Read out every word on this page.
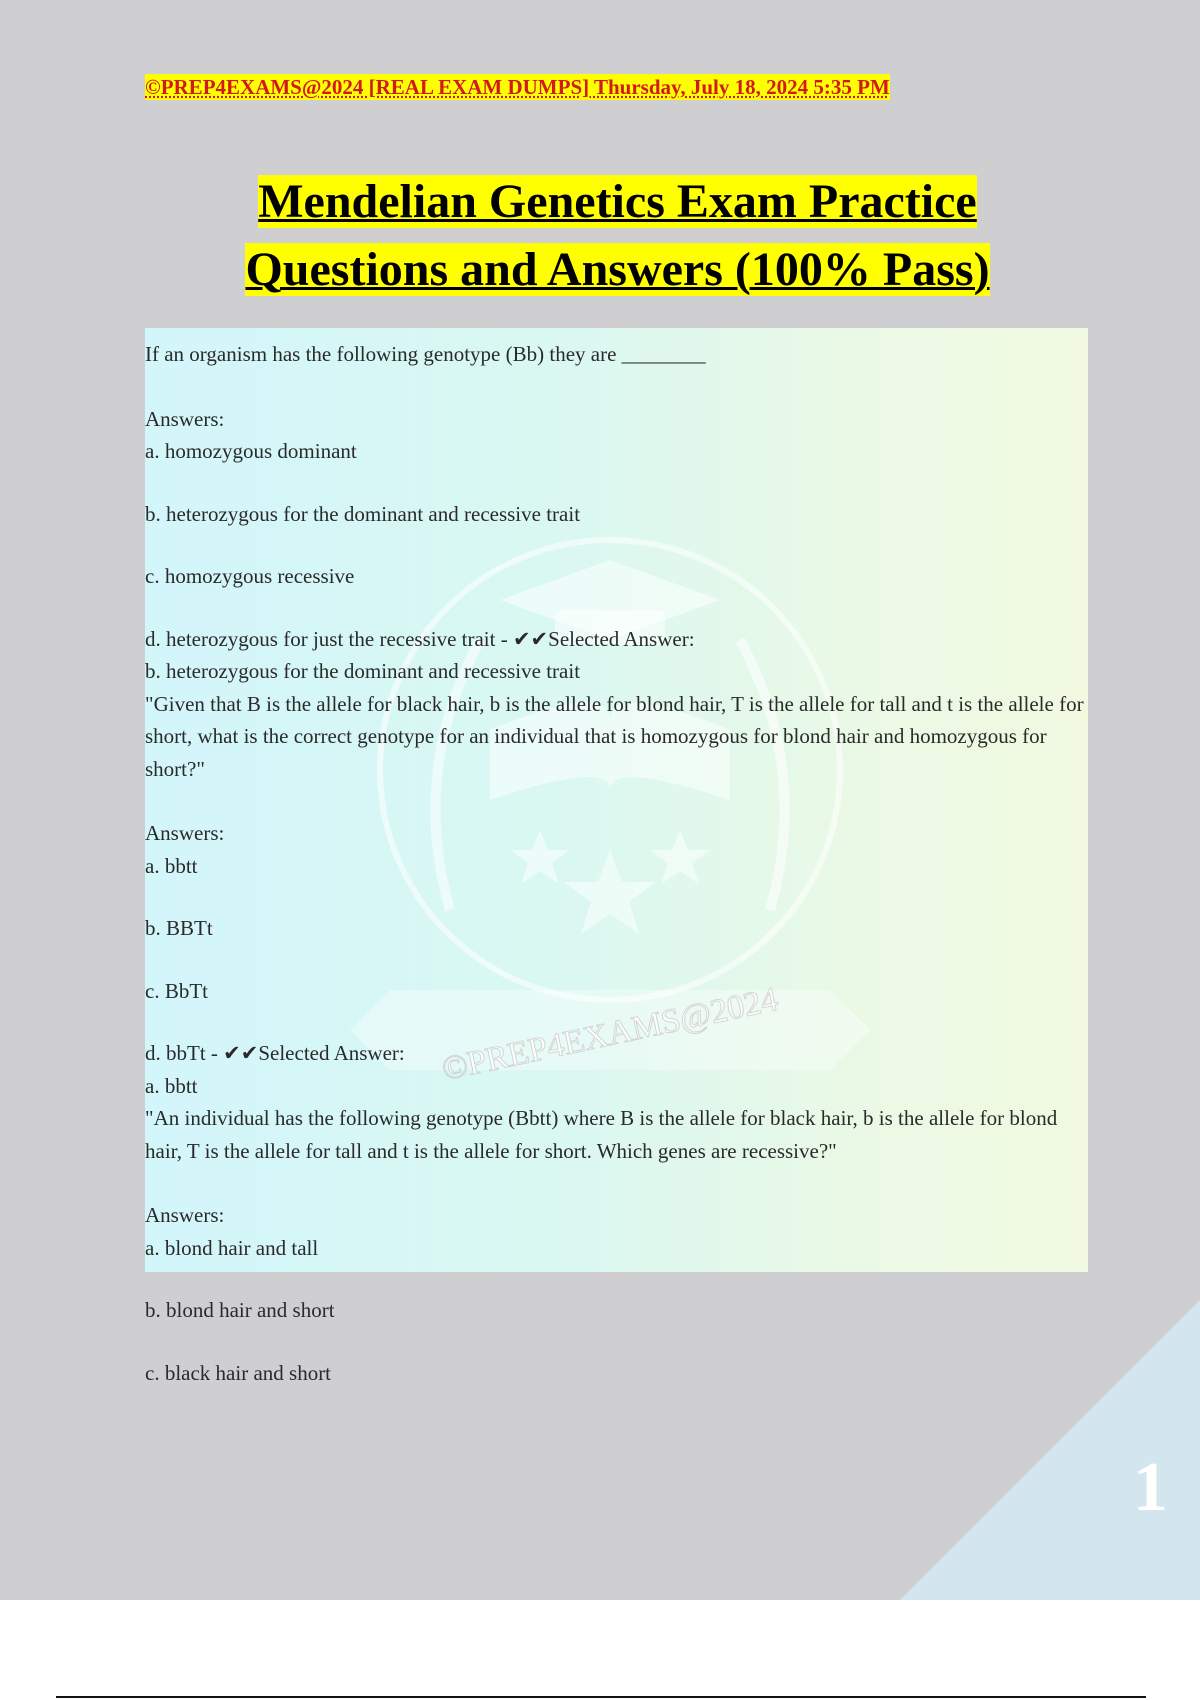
1
©PREP4EXAMS@2024 [REAL EXAM DUMPS] Thursday, July 18, 2024 5:35 PM
Mendelian Genetics Exam Practice
Questions and Answers (100% Pass)
©PREP4EXAMS@2024

If an organism has the following genotype (Bb) they are ________

Answers:

a. homozygous dominant

b. heterozygous for the dominant and recessive trait

c. homozygous recessive

d. heterozygous for just the recessive trait - ✔✔Selected Answer:

b. heterozygous for the dominant and recessive trait

"Given that B is the allele for black hair, b is the allele for blond hair, T is the allele for tall and t is the allele for short, what is the correct genotype for an individual that is homozygous for blond hair and homozygous for short?"

Answers:

a. bbtt

b. BBTt

c. BbTt

d. bbTt - ✔✔Selected Answer:

a. bbtt

"An individual has the following genotype (Bbtt) where B is the allele for black hair, b is the allele for blond hair, T is the allele for tall and t is the allele for short. Which genes are recessive?"

Answers:

a. blond hair and tall

b. blond hair and short

c. black hair and short
